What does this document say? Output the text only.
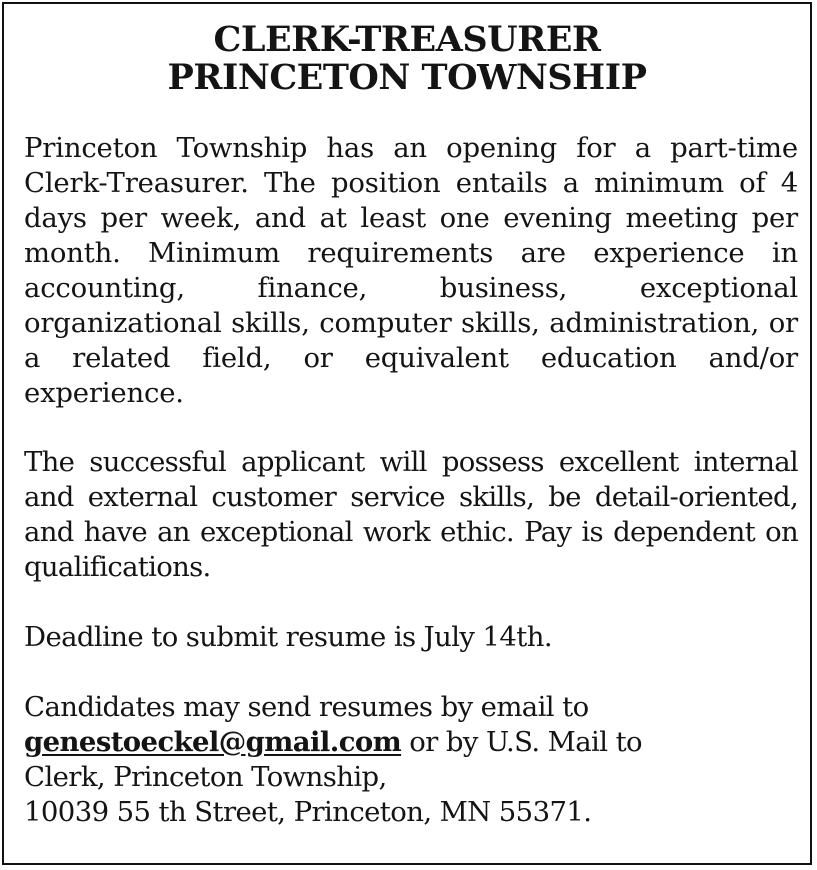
CLERK-TREASURER
PRINCETON TOWNSHIP
Princeton Township has an opening for a part-time Clerk-Treasurer. The position entails a minimum of 4 days per week, and at least one evening meeting per month. Minimum requirements are experience in accounting, finance, business, exceptional organizational skills, computer skills, administration, or a related field, or equivalent education and/or experience.
The successful applicant will possess excellent internal and external customer service skills, be detail-oriented, and have an exceptional work ethic. Pay is dependent on qualifications.
Deadline to submit resume is July 14th.
Candidates may send resumes by email to
genestoeckel@gmail.com or by U.S. Mail to
Clerk, Princeton Township,
10039 55 th Street, Princeton, MN 55371.
